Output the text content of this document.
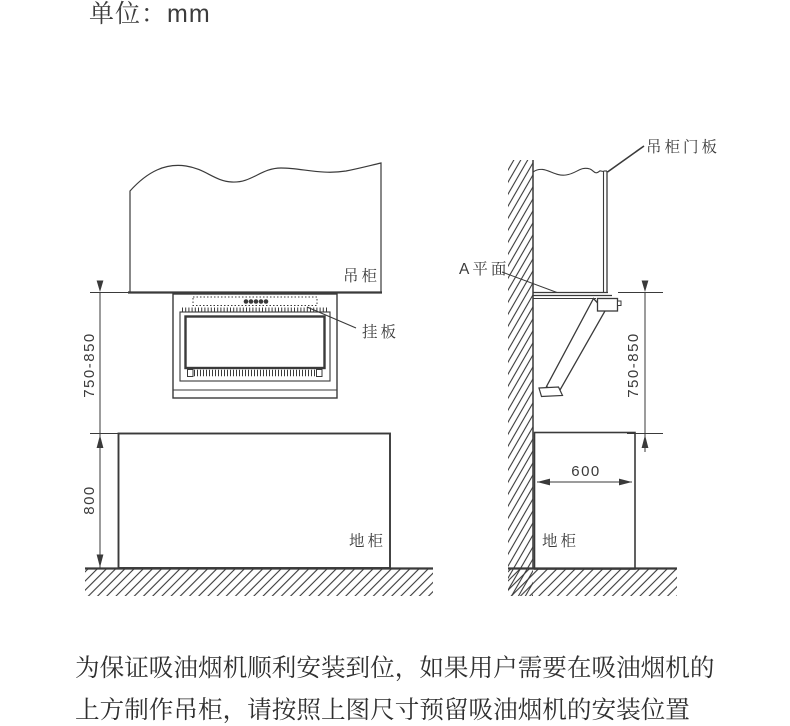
单位：mm
吊柜
挂板
地柜
750-850
800
吊柜门板
A平面
地柜
750-850
600
为保证吸油烟机顺利安装到位，如果用户需要在吸油烟机的
上方制作吊柜，请按照上图尺寸预留吸油烟机的安装位置
